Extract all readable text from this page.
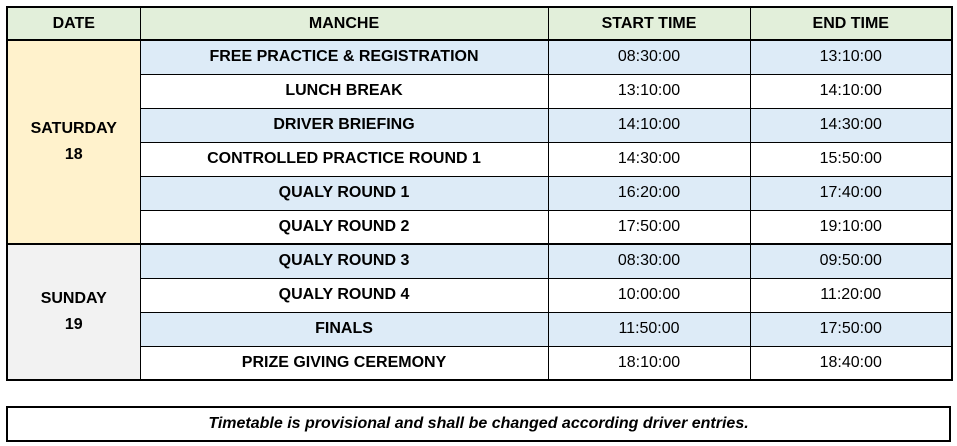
DATE	MANCHE	START TIME	END TIME
SATURDAY
18	FREE PRACTICE & REGISTRATION	08:30:00	13:10:00
	LUNCH BREAK	13:10:00	14:10:00
	DRIVER BRIEFING	14:10:00	14:30:00
	CONTROLLED PRACTICE ROUND 1	14:30:00	15:50:00
	QUALY ROUND 1	16:20:00	17:40:00
	QUALY ROUND 2	17:50:00	19:10:00
SUNDAY
19	QUALY ROUND 3	08:30:00	09:50:00
	QUALY ROUND 4	10:00:00	11:20:00
	FINALS	11:50:00	17:50:00
	PRIZE GIVING CEREMONY	18:10:00	18:40:00
Timetable is provisional and shall be changed according driver entries.
